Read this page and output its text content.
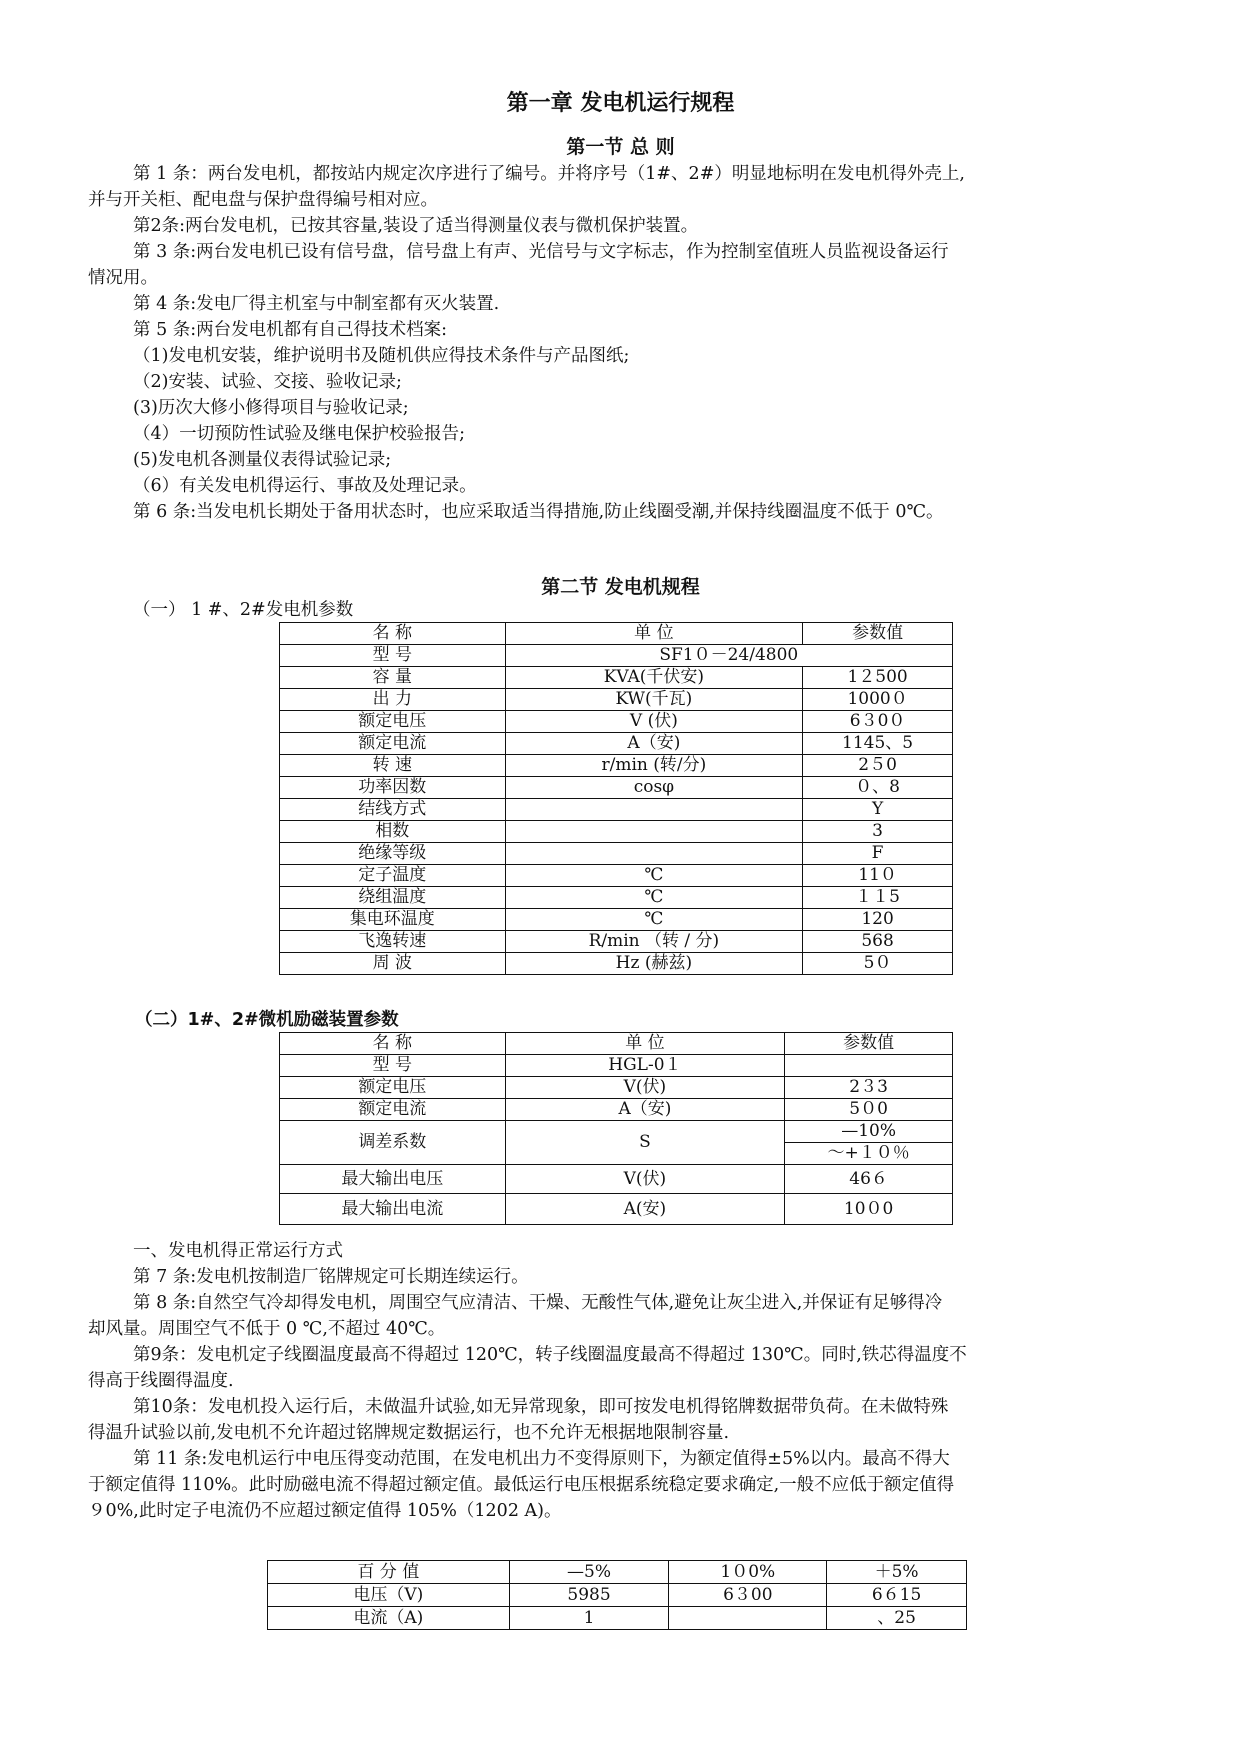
第一章 发电机运行规程
第一节 总 则

第 1 条：两台发电机，都按站内规定次序进行了编号。并将序号（1#、2#）明显地标明在发电机得外壳上,

并与开关柜、配电盘与保护盘得编号相对应。

第2条:两台发电机，已按其容量,装设了适当得测量仪表与微机保护装置。

第 3 条:两台发电机已设有信号盘，信号盘上有声、光信号与文字标志，作为控制室值班人员监视设备运行

情况用。

第 4 条:发电厂得主机室与中制室都有灭火装置.

第 5 条:两台发电机都有自己得技术档案:

（1)发电机安装，维护说明书及随机供应得技术条件与产品图纸;

（2)安装、试验、交接、验收记录;

(3)历次大修小修得项目与验收记录;

（4）一切预防性试验及继电保护校验报告;

(5)发电机各测量仪表得试验记录;

（6）有关发电机得运行、事故及处理记录。

第 6 条:当发电机长期处于备用状态时，也应采取适当得措施,防止线圈受潮,并保持线圈温度不低于 0℃。

第二节 发电机规程
（一） 1 #、2#发电机参数
名 称	单 位	参数值
型 号	SF1０－24/4800	
容 量	KVA(千伏安)	1２500
出 力	KW(千瓦)	1000０
额定电压	V (伏)	6３0０
额定电流	A（安)	1145、5
转 速	r/min (转/分)	2５0
功率因数	cosφ	０、8
结线方式		Y
相数		3
绝缘等级		F
定子温度	℃	11０
绕组温度	℃	１１5
集电环温度	℃	120
飞逸转速	R/min （转 / 分)	568
周 波	Hz (赫兹)	5０
（二）1#、2#微机励磁装置参数
名 称	单 位	参数值
型 号	HGL-0１	
额定电压	V(伏)	2３3
额定电流	A（安)	5０0
调差系数	S	—10%
		～+１０％
最大输出电压	V(伏)	46６
最大输出电流	A(安)	10０0

一、发电机得正常运行方式

第 7 条:发电机按制造厂铭牌规定可长期连续运行。

第 8 条:自然空气冷却得发电机，周围空气应清洁、干燥、无酸性气体,避免让灰尘进入,并保证有足够得冷

却风量。周围空气不低于 0 ℃,不超过 40℃。

第9条：发电机定子线圈温度最高不得超过 120℃，转子线圈温度最高不得超过 130℃。同时,铁芯得温度不

得高于线圈得温度.

第10条：发电机投入运行后，未做温升试验,如无异常现象，即可按发电机得铭牌数据带负荷。在未做特殊

得温升试验以前,发电机不允许超过铭牌规定数据运行，也不允许无根据地限制容量.

第 11 条:发电机运行中电压得变动范围，在发电机出力不变得原则下，为额定值得±5%以内。最高不得大

于额定值得 110%。此时励磁电流不得超过额定值。最低运行电压根据系统稳定要求确定,一般不应低于额定值得

９0%,此时定子电流仍不应超过额定值得 105%（1202 A)。

百 分 值	—5%	1０0%	＋5%
电压（V)	5985	6３00	6６15
电流（A)	1		、25
